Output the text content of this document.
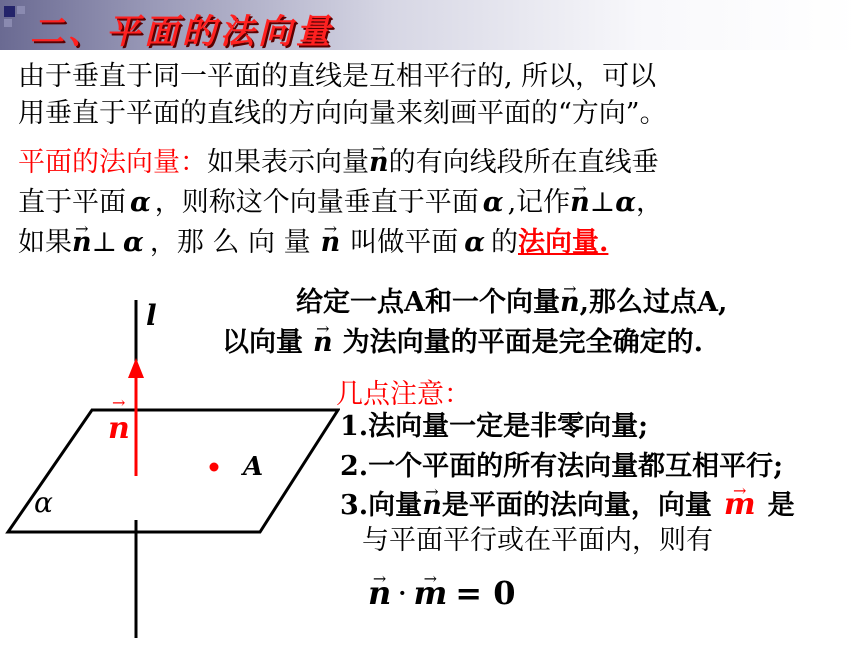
二、平面的法向量
由于垂直于同一平面的直线是互相平行的, 所以，可以
用垂直于平面的直线的方向向量来刻画平面的“方向”。
平面的法向量：如果表示向量→ n的有向线段所在直线垂
直于平面 α ，则称这个向量垂直于平面 α ,记作→ n⊥α，
如果→ n⊥ α ，那 么 向 量 → n 叫做平面 α 的法向量.
l
n
→
A
α
给定一点A和一个向量→ n,那么过点A,
以向量 → n 为法向量的平面是完全确定的.
几点注意：
1.法向量一定是非零向量;
2.一个平面的所有法向量都互相平行;
3.向量→ n是平面的法向量，向量 → m 是
与平面平行或在平面内，则有
→ n · → m = 0
